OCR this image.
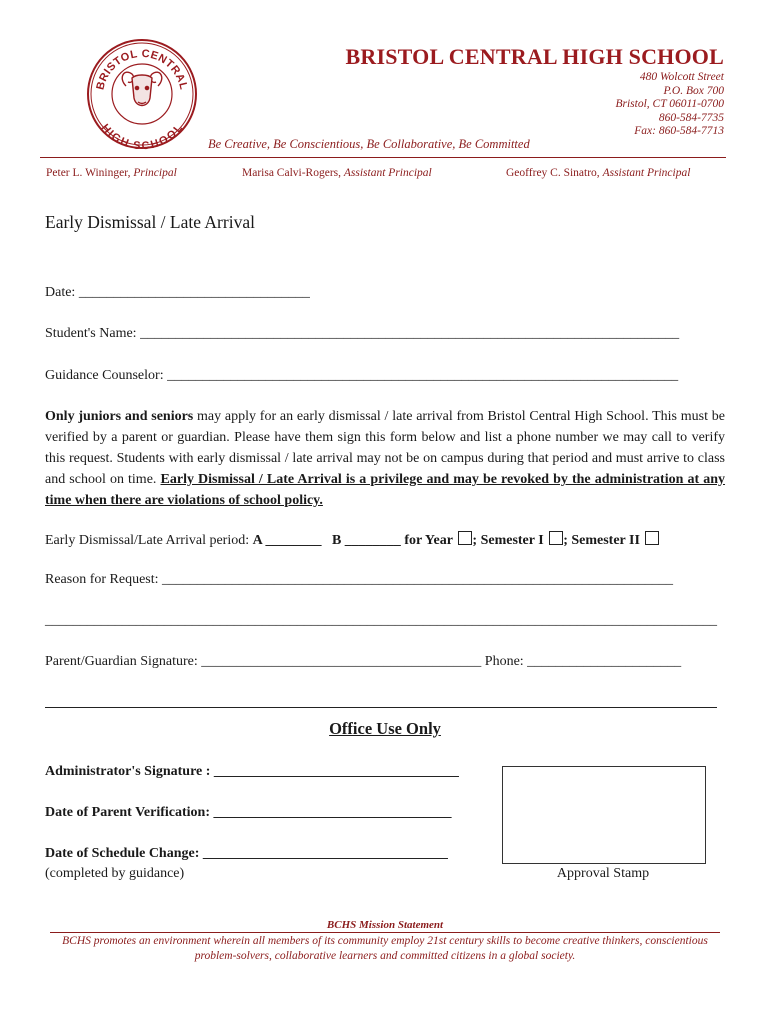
BRISTOL CENTRAL
HIGH SCHOOL
BRISTOL CENTRAL HIGH SCHOOL
480 Wolcott Street
P.O. Box 700
Bristol, CT 06011-0700
860-584-7735
Fax: 860-584-7713
Be Creative, Be Conscientious, Be Collaborative, Be Committed
Peter L. Wininger, Principal	Marisa Calvi-Rogers, Assistant Principal	Geoffrey C. Sinatro, Assistant Principal
Early Dismissal / Late Arrival
Date: _________________________________
Student's Name: _____________________________________________________________________________
Guidance Counselor: _________________________________________________________________________
Only juniors and seniors may apply for an early dismissal / late arrival from Bristol Central High School. This must be verified by a parent or guardian. Please have them sign this form below and list a phone number we may call to verify this request. Students with early dismissal / late arrival may not be on campus during that period and must arrive to class and school on time. Early Dismissal / Late Arrival is a privilege and may be revoked by the administration at any time when there are violations of school policy.
Early Dismissal/Late Arrival period: A ________ B ________ for Year ; Semester I ; Semester II
Reason for Request: _________________________________________________________________________
________________________________________________________________________________________________
Parent/Guardian Signature: ________________________________________ Phone: ______________________
Office Use Only
Administrator's Signature : ___________________________________
Date of Parent Verification: __________________________________
Date of Schedule Change: ___________________________________
(completed by guidance)	Approval Stamp
BCHS Mission Statement
BCHS promotes an environment wherein all members of its community employ 21st century skills to become creative thinkers, conscientious problem-solvers, collaborative learners and committed citizens in a global society.
